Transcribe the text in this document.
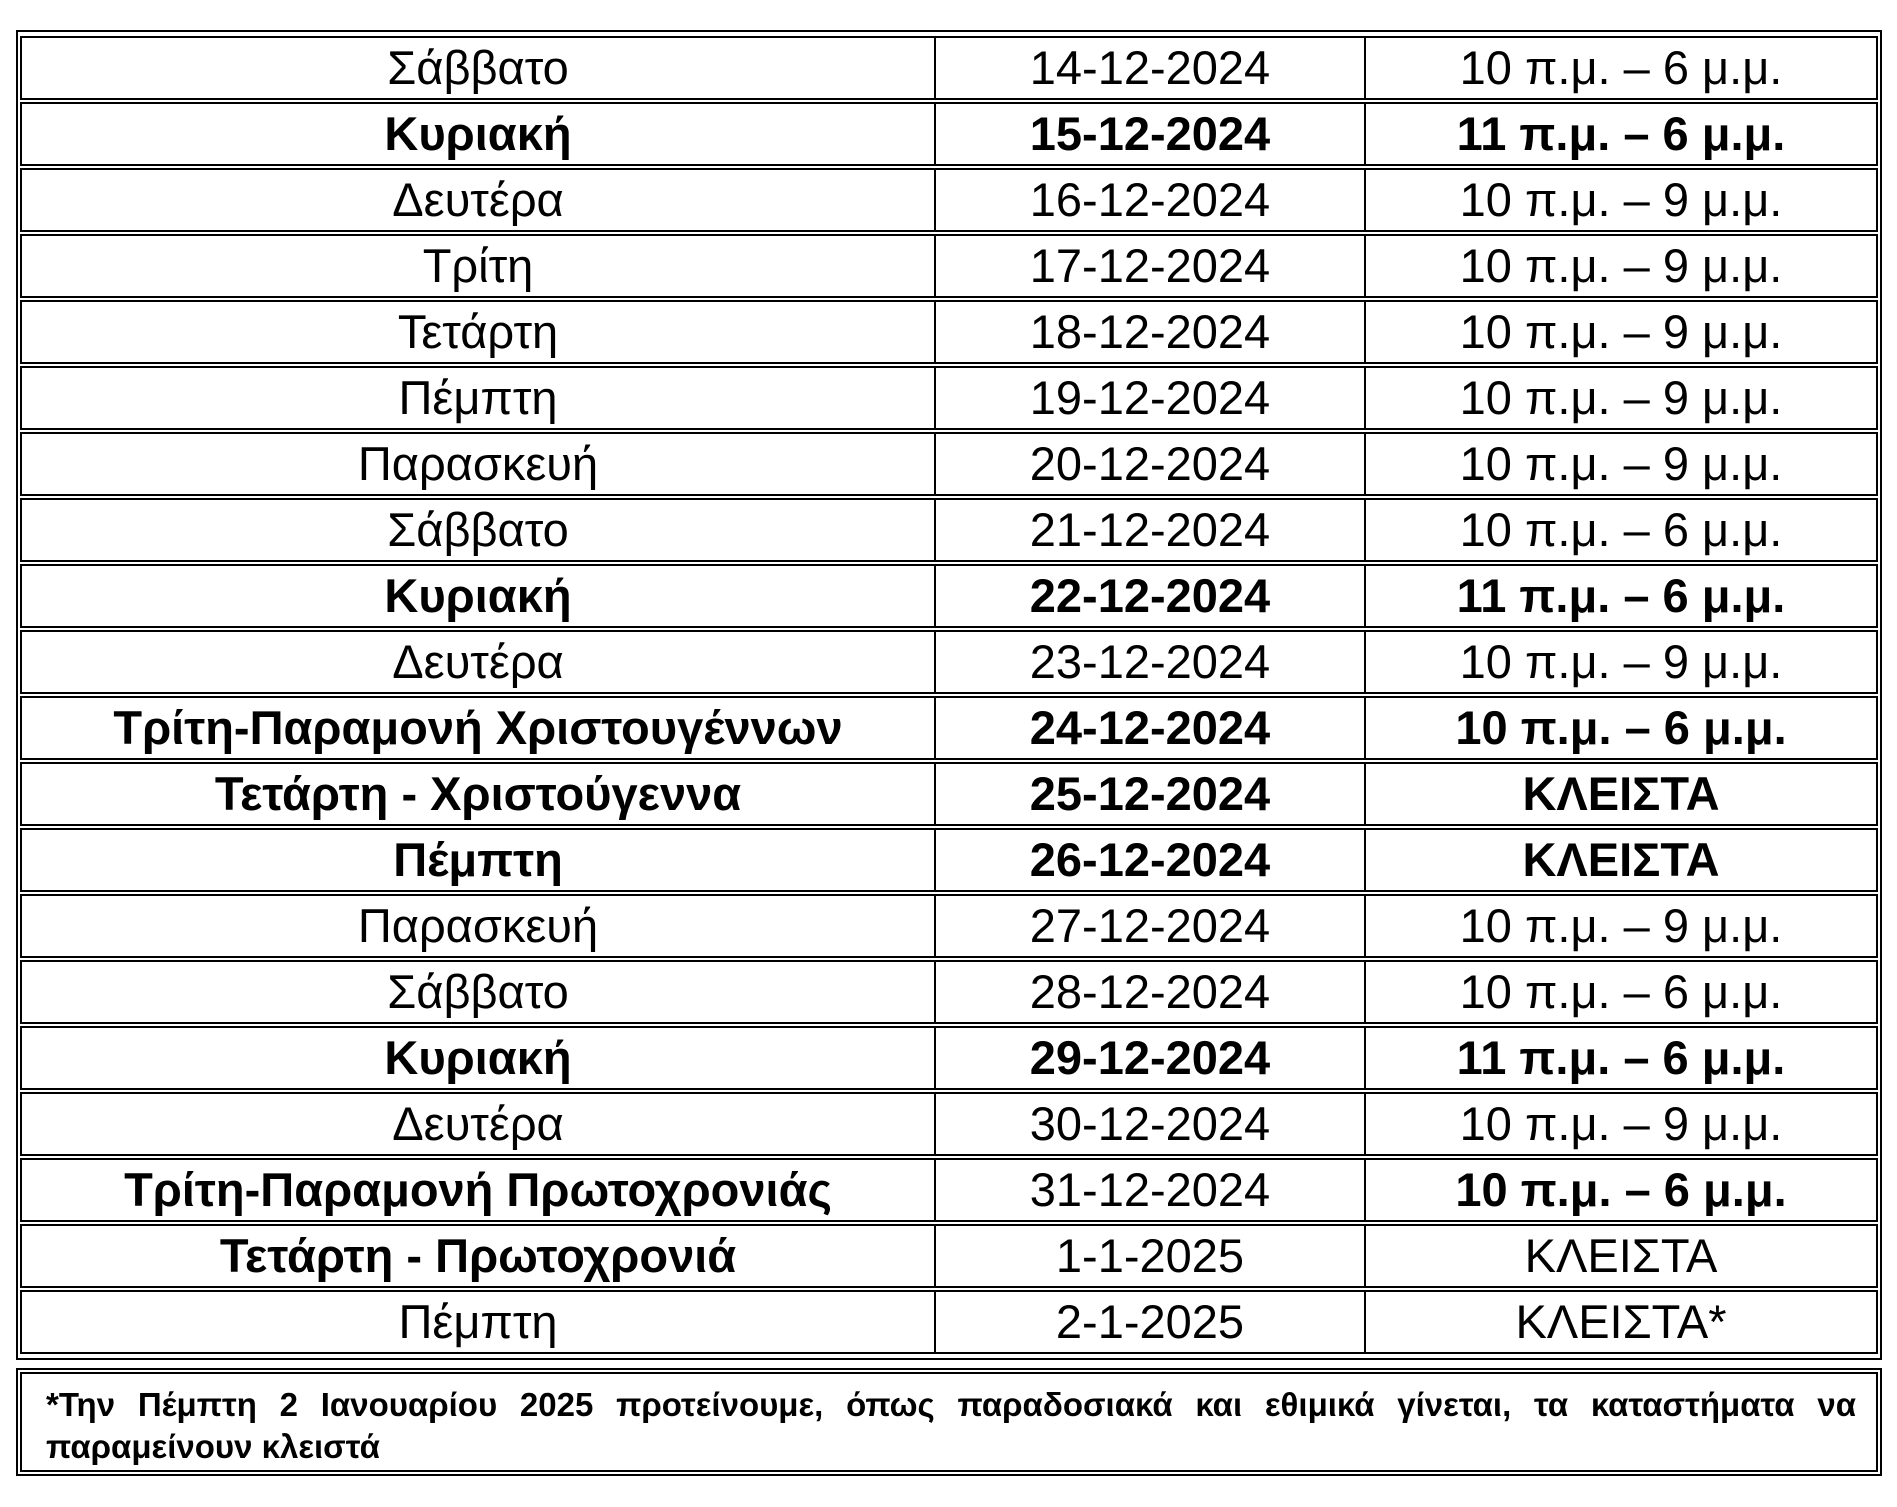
Σάββατο	14-12-2024	10 π.μ. – 6 μ.μ.
Κυριακή	15-12-2024	11 π.μ. – 6 μ.μ.
Δευτέρα	16-12-2024	10 π.μ. – 9 μ.μ.
Τρίτη	17-12-2024	10 π.μ. – 9 μ.μ.
Τετάρτη	18-12-2024	10 π.μ. – 9 μ.μ.
Πέμπτη	19-12-2024	10 π.μ. – 9 μ.μ.
Παρασκευή	20-12-2024	10 π.μ. – 9 μ.μ.
Σάββατο	21-12-2024	10 π.μ. – 6 μ.μ.
Κυριακή	22-12-2024	11 π.μ. – 6 μ.μ.
Δευτέρα	23-12-2024	10 π.μ. – 9 μ.μ.
Τρίτη-Παραμονή Χριστουγέννων	24-12-2024	10 π.μ. – 6 μ.μ.
Τετάρτη - Χριστούγεννα	25-12-2024	ΚΛΕΙΣΤΑ
Πέμπτη	26-12-2024	ΚΛΕΙΣΤΑ
Παρασκευή	27-12-2024	10 π.μ. – 9 μ.μ.
Σάββατο	28-12-2024	10 π.μ. – 6 μ.μ.
Κυριακή	29-12-2024	11 π.μ. – 6 μ.μ.
Δευτέρα	30-12-2024	10 π.μ. – 9 μ.μ.
Τρίτη-Παραμονή Πρωτοχρονιάς	31-12-2024	10 π.μ. – 6 μ.μ.
Τετάρτη - Πρωτοχρονιά	1-1-2025	ΚΛΕΙΣΤΑ
Πέμπτη	2-1-2025	ΚΛΕΙΣΤΑ*
*Την Πέμπτη 2 Ιανουαρίου 2025 προτείνουμε, όπως παραδοσιακά και εθιμικά γίνεται, τα καταστήματα να παραμείνουν κλειστά
